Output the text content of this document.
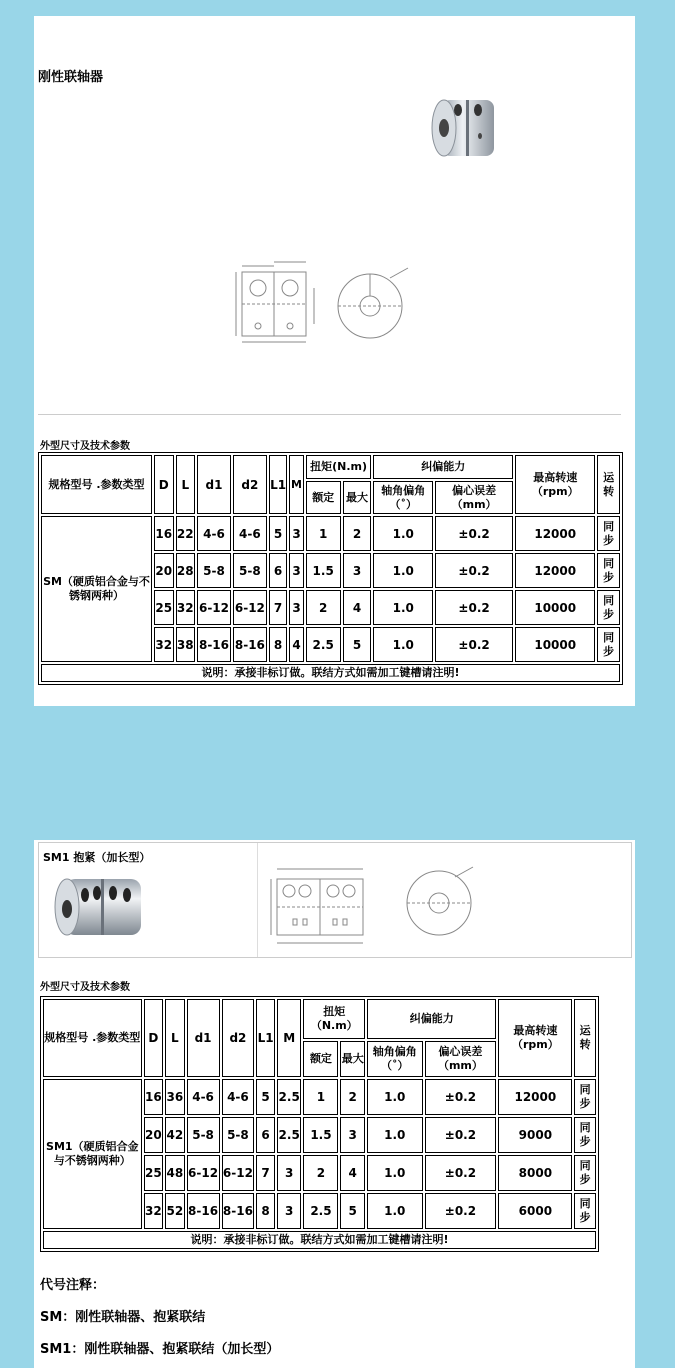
刚性联轴器
外型尺寸及技术参数
规格型号 .参数类型	D	L	d1	d2	L1	M	扭矩(N.m)		纠偏能力		最高转速（rpm）	运转
							额定	最大	轴角偏角（˚）	偏心误差（mm）		
SM（硬质铝合金与不锈钢两种）	16	22	4-6	4-6	5	3	1	2	1.0	±0.2	12000	同步
	20	28	5-8	5-8	6	3	1.5	3	1.0	±0.2	12000	同步
	25	32	6-12	6-12	7	3	2	4	1.0	±0.2	10000	同步
	32	38	8-16	8-16	8	4	2.5	5	1.0	±0.2	10000	同步
说明：承接非标订做。联结方式如需加工键槽请注明!												
SM1 抱紧（加长型）
外型尺寸及技术参数
规格型号 .参数类型	D	L	d1	d2	L1	M	扭矩（N.m）		纠偏能力		最高转速（rpm）	运转
							额定	最大	轴角偏角（˚）	偏心误差（mm）		
SM1（硬质铝合金与不锈钢两种）	16	36	4-6	4-6	5	2.5	1	2	1.0	±0.2	12000	同步
	20	42	5-8	5-8	6	2.5	1.5	3	1.0	±0.2	9000	同步
	25	48	6-12	6-12	7	3	2	4	1.0	±0.2	8000	同步
	32	52	8-16	8-16	8	3	2.5	5	1.0	±0.2	6000	同步
说明：承接非标订做。联结方式如需加工键槽请注明!												
代号注释：
SM：刚性联轴器、抱紧联结
SM1：刚性联轴器、抱紧联结（加长型）
